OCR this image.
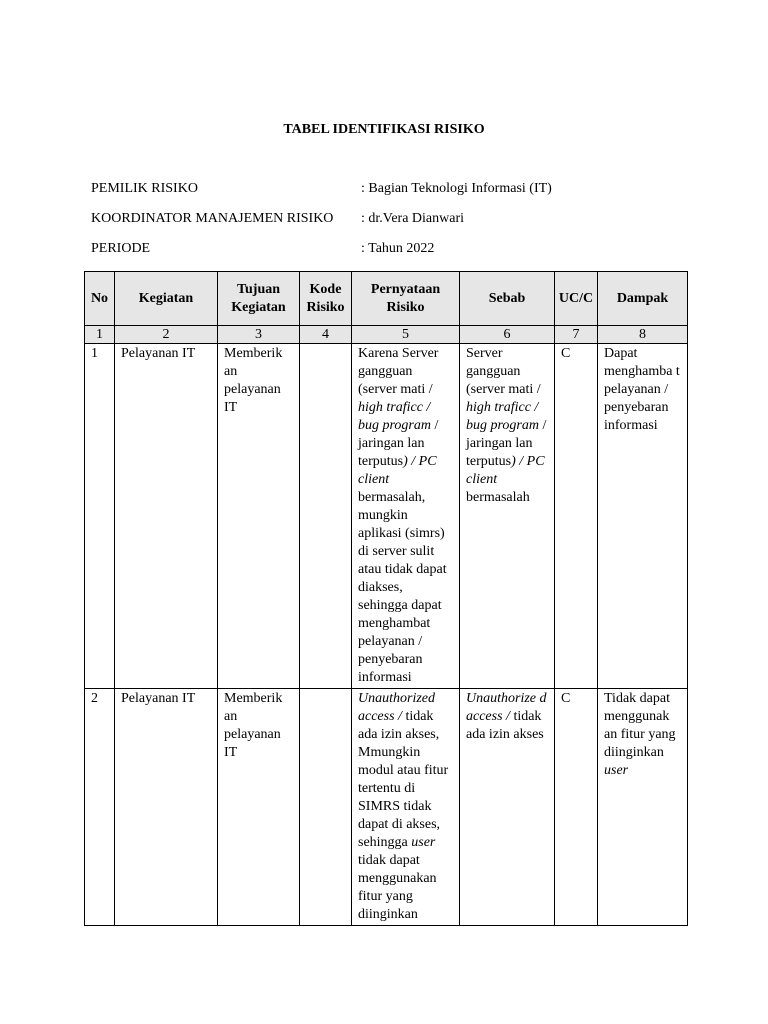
TABEL IDENTIFIKASI RISIKO
PEMILIK RISIKO	: Bagian Teknologi Informasi (IT)
KOORDINATOR MANAJEMEN RISIKO : dr.Vera Dianwari
PERIODE	: Tahun 2022
No	Kegiatan	Tujuan Kegiatan	Kode Risiko	Pernyataan Risiko	Sebab	UC/C	Dampak
1	2	3	4	5	6	7	8
1	Pelayanan IT	Memberik an pelayanan IT		Karena Server gangguan (server mati / high traficc / bug program / jaringan lan terputus) / PC client bermasalah, mungkin aplikasi (simrs) di server sulit atau tidak dapat diakses, sehingga dapat menghambat pelayanan / penyebaran informasi	Server gangguan (server mati / high traficc / bug program / jaringan lan terputus) / PC client bermasalah	C	Dapat menghamba t pelayanan / penyebaran informasi
2	Pelayanan IT	Memberik an pelayanan IT		Unauthorized access / tidak ada izin akses, Mmungkin modul atau fitur tertentu di SIMRS tidak dapat di akses, sehingga user tidak dapat menggunakan fitur yang diinginkan	Unauthorize d access / tidak ada izin akses	C	Tidak dapat menggunak an fitur yang diinginkan user
